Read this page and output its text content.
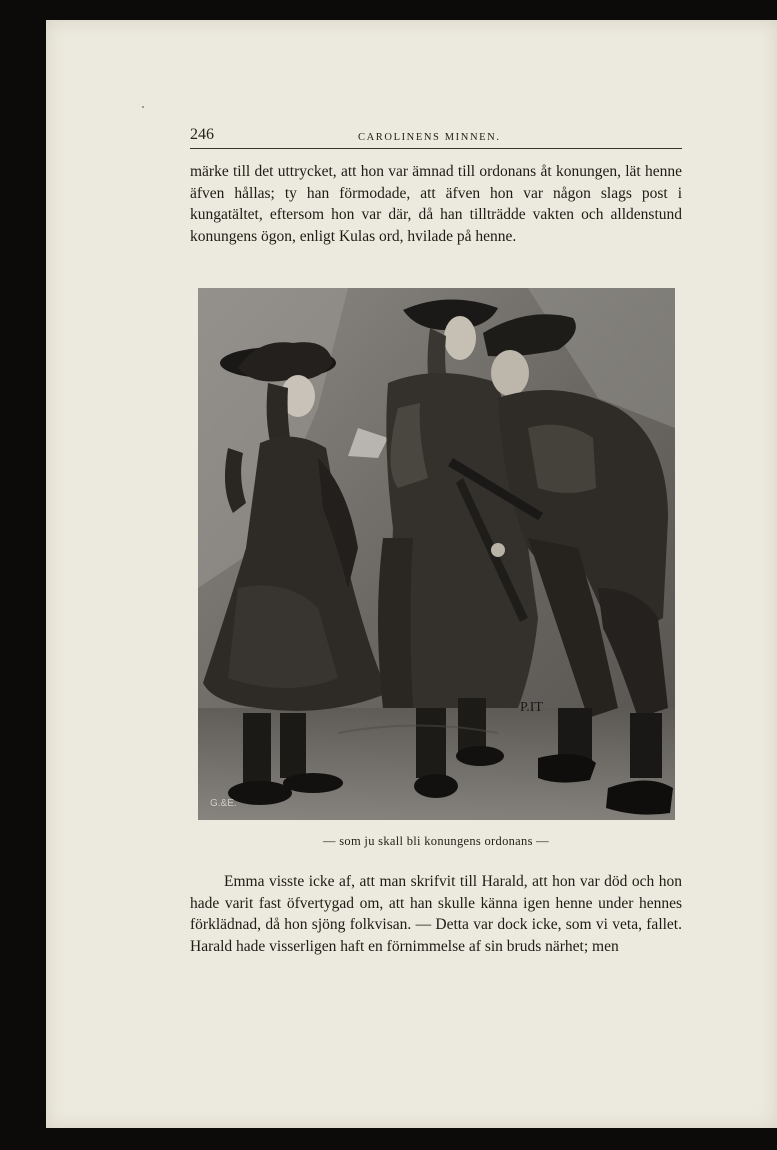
246	CAROLINENS MINNEN.

märke till det uttrycket, att hon var ämnad till ordonans åt konungen, lät henne äfven hållas; ty han förmodade, att äfven hon var någon slags post i kungatältet, eftersom hon var där, då han tillträdde vakten och alldenstund konungens ögon, enligt Kulas ord, hvilade på henne.

P.IT
G.&E.
— som ju skall bli konungens ordonans —

Emma visste icke af, att man skrifvit till Harald, att hon var död och hon hade varit fast öfvertygad om, att han skulle känna igen henne under hennes förklädnad, då hon sjöng folkvisan. — Detta var dock icke, som vi veta, fallet. Harald hade visserligen haft en förnimmelse af sin bruds närhet; men
